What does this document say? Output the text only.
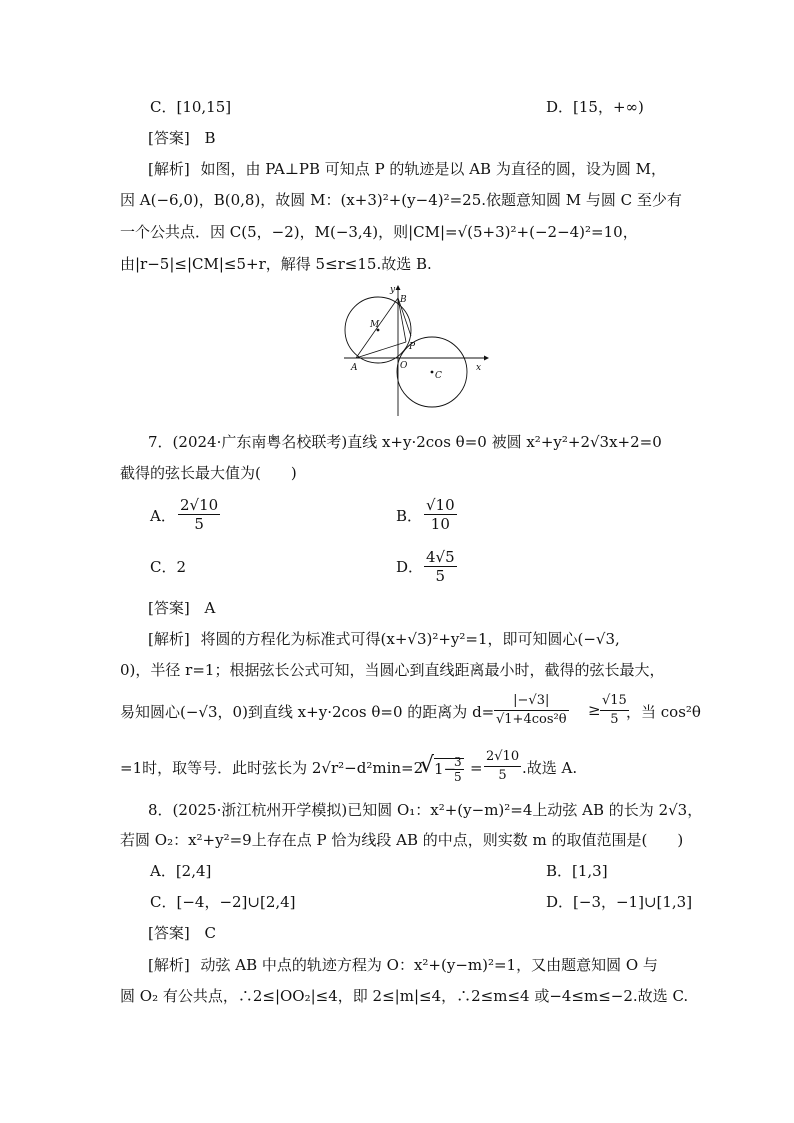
C．[10,15]	D．[15，+∞)
[答案] B
[解析] 如图，由 PA⊥PB 可知点 P 的轨迹是以 AB 为直径的圆，设为圆 M，
因 A(−6,0)，B(0,8)，故圆 M：(x+3)²+(y−4)²=25.依题意知圆 M 与圆 C 至少有
一个公共点．因 C(5，−2)，M(−3,4)，则|CM|=√(5+3)²+(−2−4)²=10，
由|r−5|≤|CM|≤5+r，解得 5≤r≤15.故选 B.
y
B
M
P
A	O
C
x
7．(2024·广东南粤名校联考)直线 x+y·2cos θ=0 被圆 x²+y²+2√3x+2=0
截得的弦长最大值为(　　)
A． $\frac{2√10}{5}$	B． $\frac{√10}{10}$
C．2	D． $\frac{4√5}{5}$
[答案] A
[解析] 将圆的方程化为标准式可得(x+√3)²+y²=1，即可知圆心(−√3,
0)，半径 r=1；根据弦长公式可知，当圆心到直线距离最小时，截得的弦长最大，
易知圆心(−√3，0)到直线 x+y·2cos θ=0 的距离为 $d= \frac{|-√3|}{\text{√1+4cos²θ}} \ge \frac{√15}{5}$
，当 cos²θ
=1时，取等号．此时弦长为 2√r²−d²min=2
√ 1−
$\frac{3}{5} = \frac{2√10}{5}$ .故选 A.
8．(2025·浙江杭州开学模拟)已知圆 O₁：x²+(y−m)²=4上动弦 AB 的长为 2√3，
若圆 O₂：x²+y²=9上存在点 P 恰为线段 AB 的中点，则实数 m 的取值范围是(　　)
A．[2,4]	B．[1,3]
C．[−4，−2]∪[2,4]	D．[−3，−1]∪[1,3]
[答案] C
[解析] 动弦 AB 中点的轨迹方程为 O：x²+(y−m)²=1，又由题意知圆 O 与
圆 O₂ 有公共点，∴2≤|OO₂|≤4，即 2≤|m|≤4，∴2≤m≤4 或−4≤m≤−2.故选 C.
